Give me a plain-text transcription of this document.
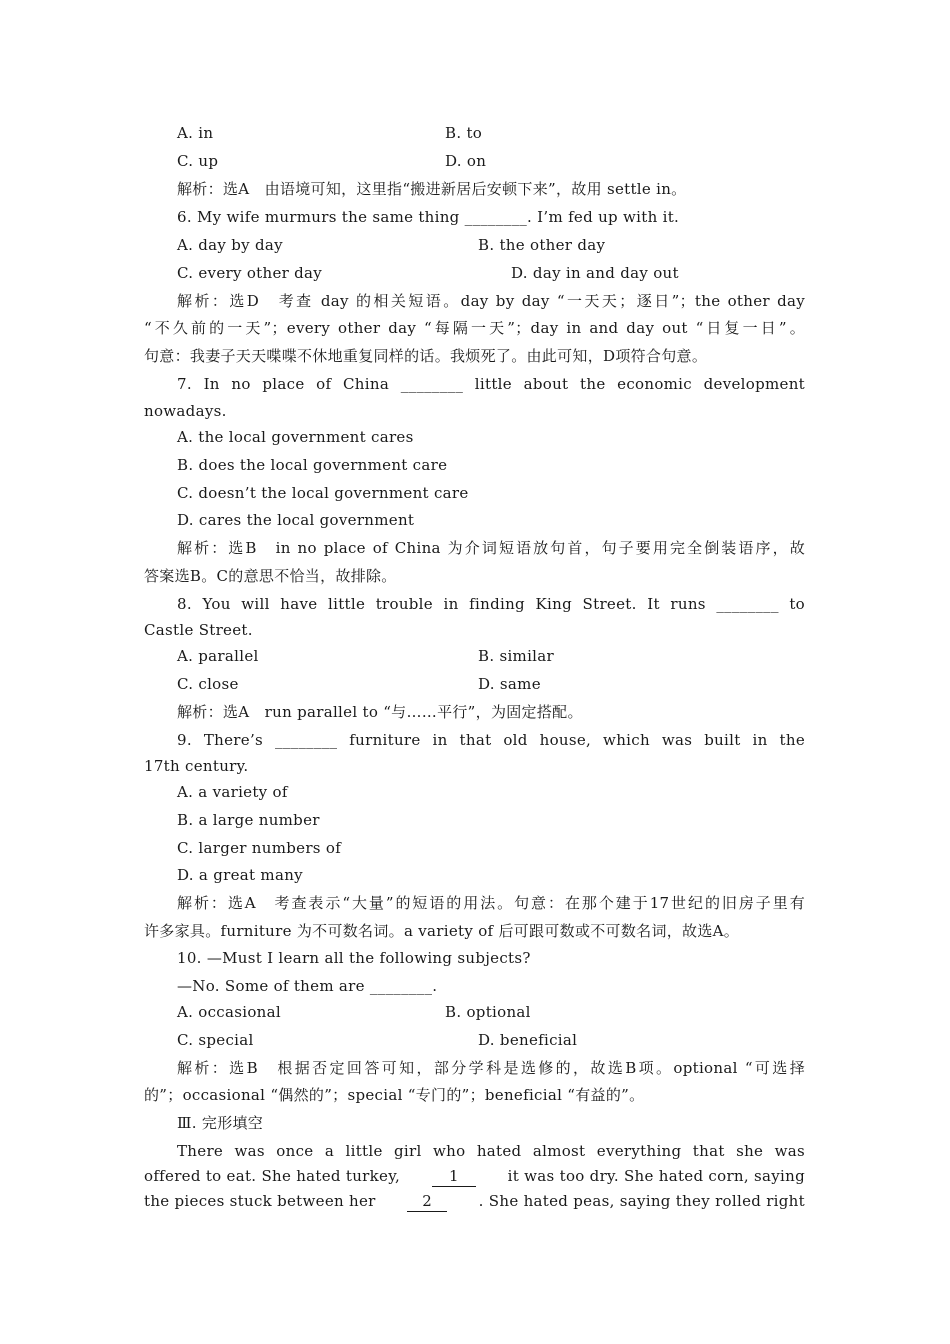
A. in	B. to
C. up	D. on
解析：选A　由语境可知，这里指“搬进新居后安顿下来”，故用 settle in。
6. My wife murmurs the same thing ________. I’m fed up with it.
A. day by day	B. the other day
C. every other day	D. day in and day out
解析：选D　考查 day 的相关短语。day by day “一天天；逐日”；the other day
“不久前的一天”；every other day “每隔一天”；day in and day out “日复一日”。
句意：我妻子天天喋喋不休地重复同样的话。我烦死了。由此可知，D项符合句意。
7. In no place of China ________ little about the economic development
nowadays.
A. the local government cares
B. does the local government care
C. doesn’t the local government care
D. cares the local government
解析：选B　in no place of China 为介词短语放句首，句子要用完全倒装语序，故
答案选B。C的意思不恰当，故排除。
8. You will have little trouble in finding King Street. It runs ________ to
Castle Street.
A. parallel	B. similar
C. close	D. same
解析：选A　run parallel to “与……平行”，为固定搭配。
9. There’s ________ furniture in that old house, which was built in the
17th century.
A. a variety of
B. a large number
C. larger numbers of
D. a great many
解析：选A　考查表示“大量”的短语的用法。句意：在那个建于17世纪的旧房子里有
许多家具。furniture 为不可数名词。a variety of 后可跟可数或不可数名词，故选A。
10. —Must I learn all the following subjects?
—No. Some of them are ________.
A. occasional	B. optional
C. special	D. beneficial
解析：选B　根据否定回答可知，部分学科是选修的，故选B项。optional “可选择
的”；occasional “偶然的”；special “专门的”；beneficial “有益的”。
Ⅲ. 完形填空
There was once a little girl who hated almost everything that she was
offered to eat. She hated turkey,	1	it was too dry. She hated corn, saying
the pieces stuck between her	2	. She hated peas, saying they rolled right
